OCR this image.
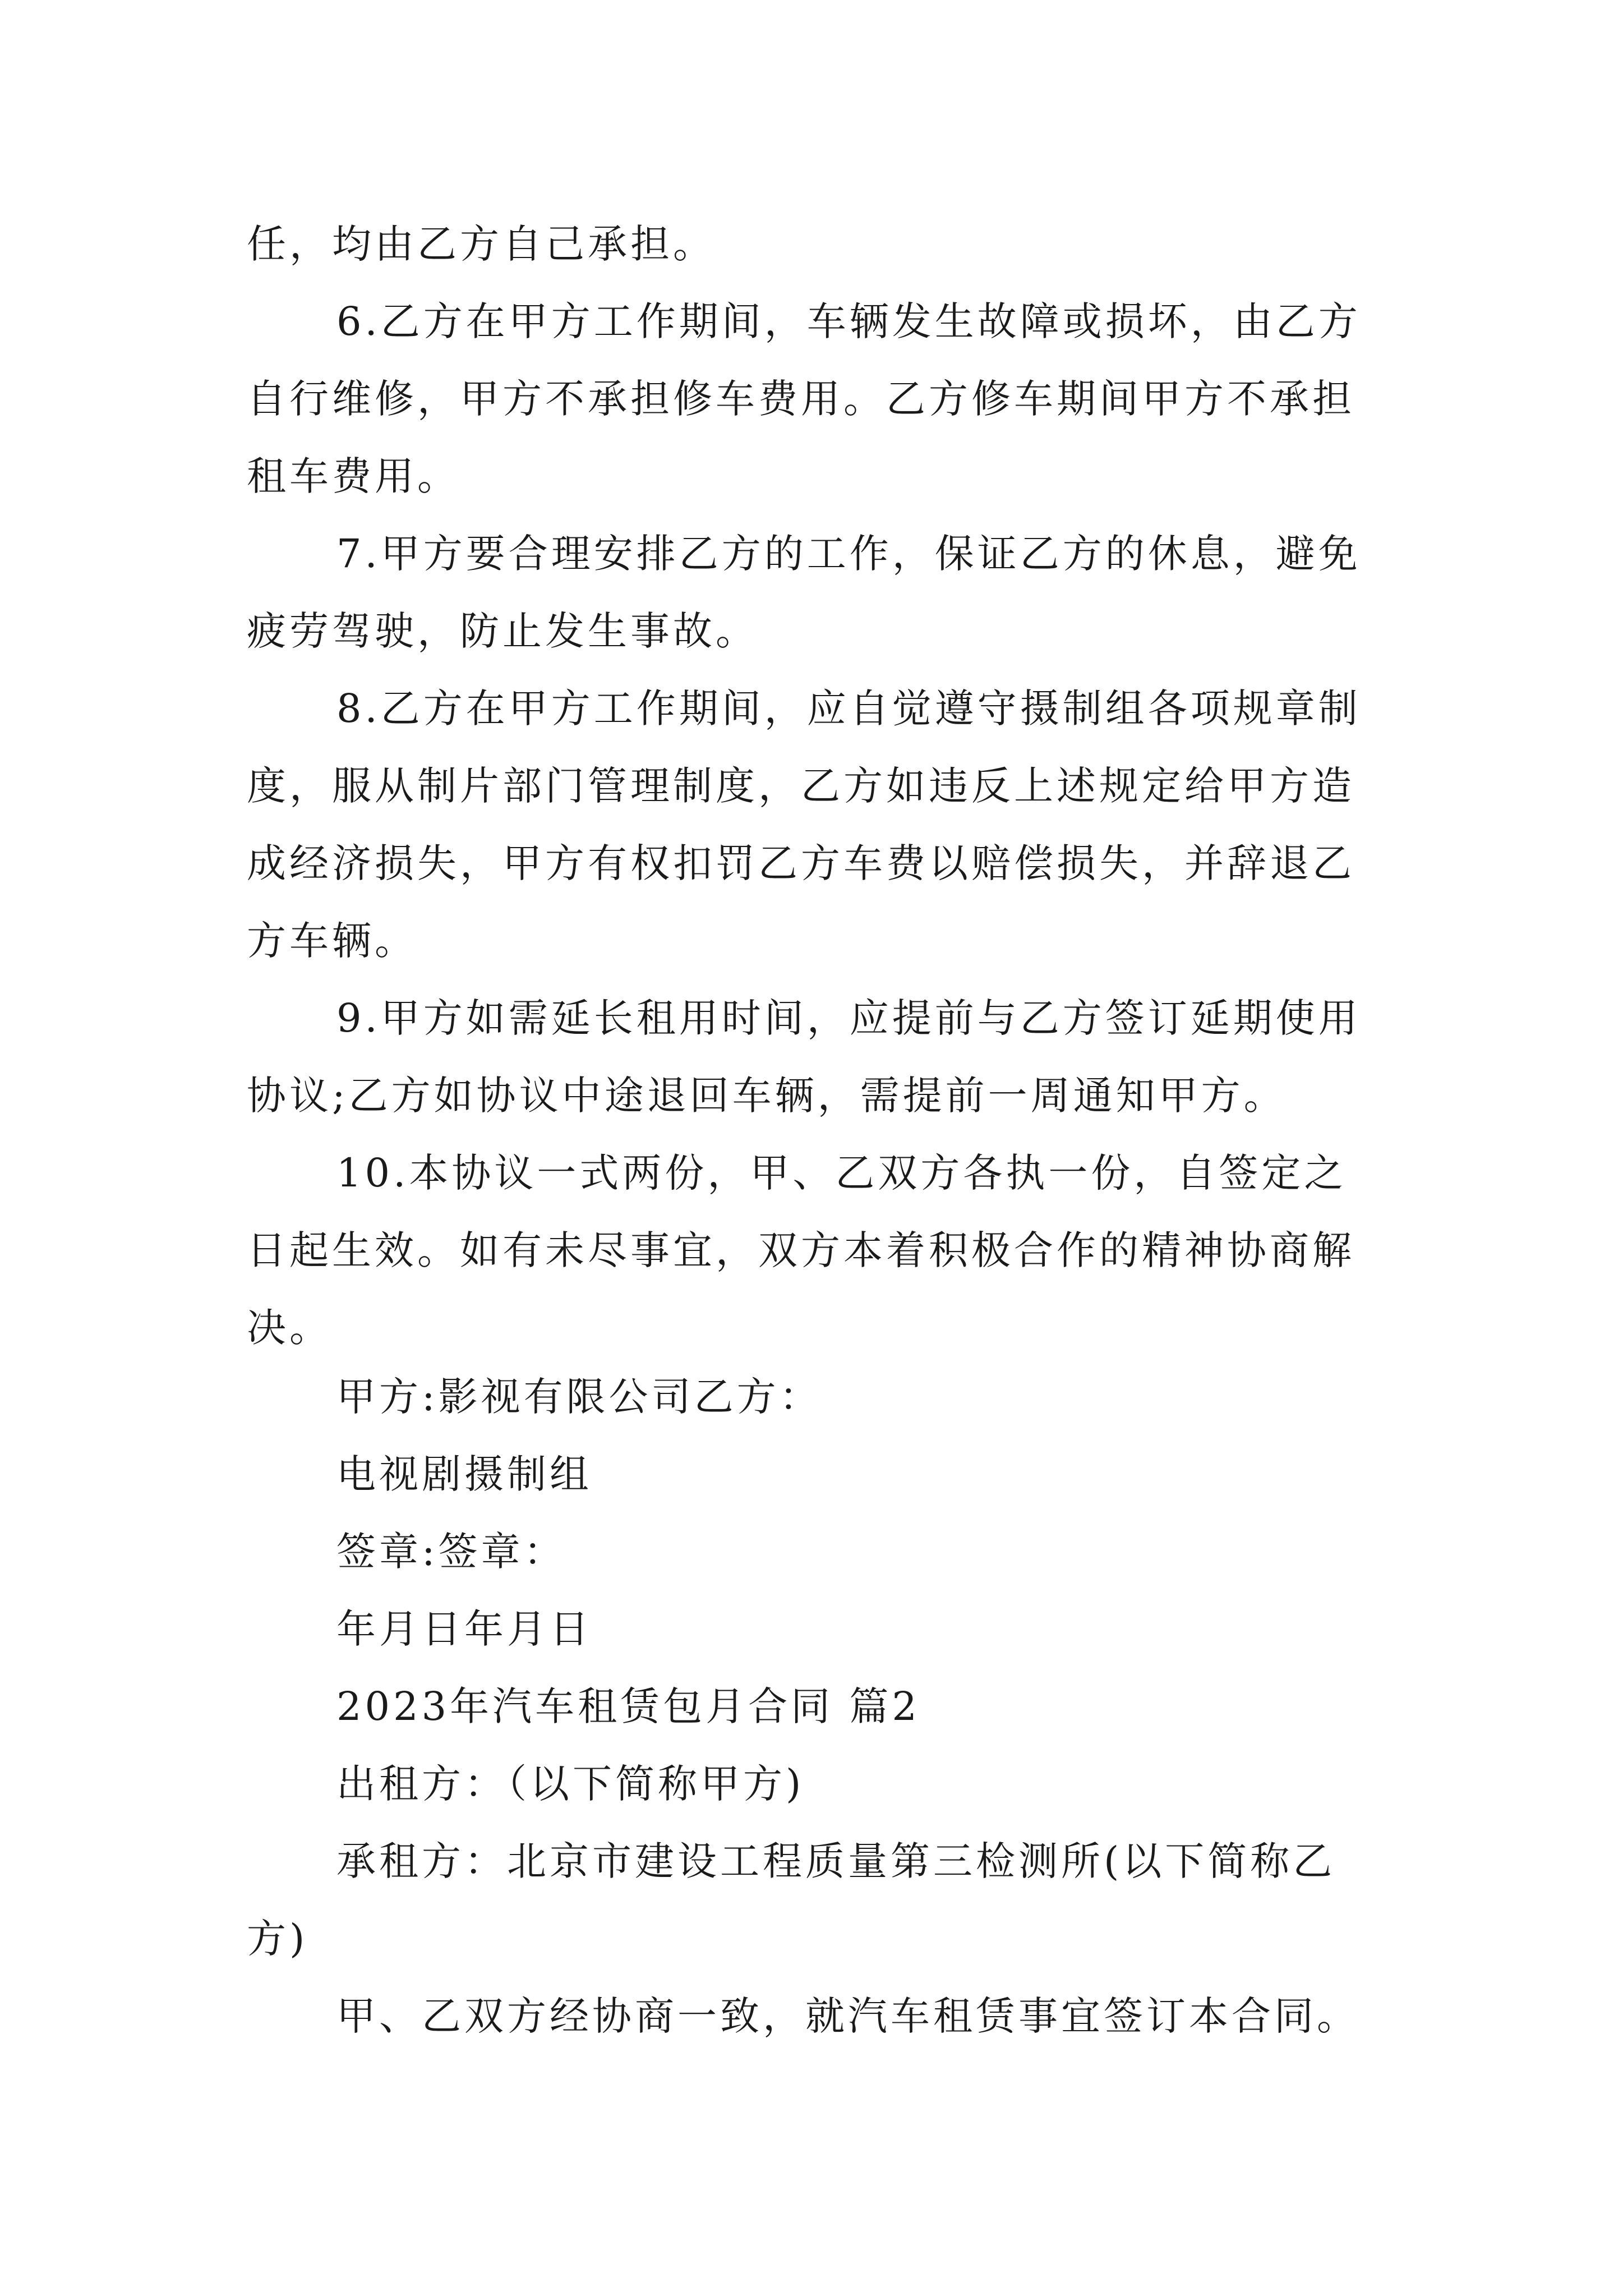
任，均由乙方自己承担。
6.乙方在甲方工作期间，车辆发生故障或损坏，由乙方
自行维修，甲方不承担修车费用。乙方修车期间甲方不承担
租车费用。
7.甲方要合理安排乙方的工作，保证乙方的休息，避免
疲劳驾驶，防止发生事故。
8.乙方在甲方工作期间，应自觉遵守摄制组各项规章制
度，服从制片部门管理制度，乙方如违反上述规定给甲方造
成经济损失，甲方有权扣罚乙方车费以赔偿损失，并辞退乙
方车辆。
9.甲方如需延长租用时间，应提前与乙方签订延期使用
协议;乙方如协议中途退回车辆，需提前一周通知甲方。
10.本协议一式两份，甲、乙双方各执一份，自签定之
日起生效。如有未尽事宜，双方本着积极合作的精神协商解
决。
甲方:影视有限公司乙方：
电视剧摄制组
签章:签章：
年月日年月日
2023年汽车租赁包月合同 篇2
出租方：（以下简称甲方)
承租方：北京市建设工程质量第三检测所(以下简称乙
方)
甲、乙双方经协商一致，就汽车租赁事宜签订本合同。
